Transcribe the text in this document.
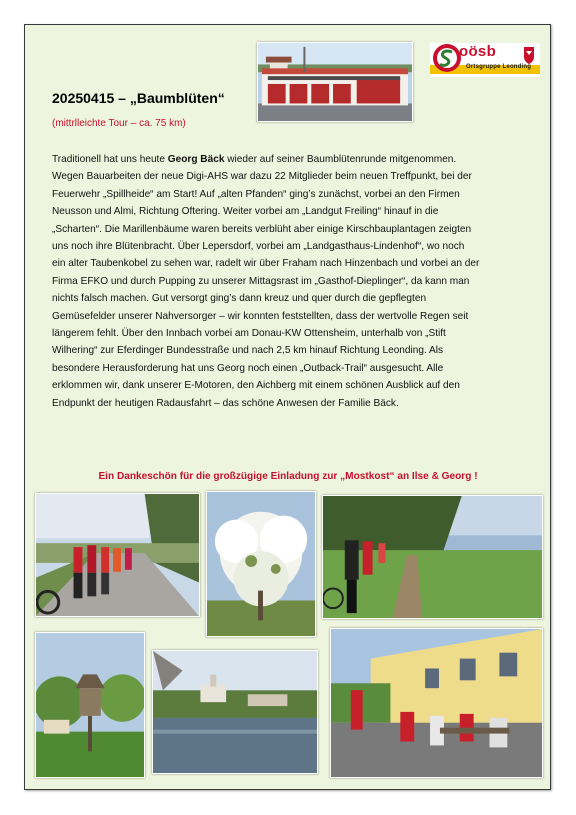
oösb
Ortsgruppe Leonding
20250415 – „Baumblüten“
(mittrlleichte Tour – ca. 75 km)

Traditionell hat uns heute Georg Bäck wieder auf seiner Baumblütenrunde mitgenommen.
Wegen Bauarbeiten der neue Digi-AHS war dazu 22 Mitglieder beim neuen Treffpunkt, bei der
Feuerwehr „Spillheide“ am Start! Auf „alten Pfanden“ ging’s zunächst, vorbei an den Firmen
Neusson und Almi, Richtung Oftering. Weiter vorbei am „Landgut Freiling“ hinauf in die
„Scharten“. Die Marillenbäume waren bereits verblüht aber einige Kirschbauplantagen zeigten
uns noch ihre Blütenbracht. Über Lepersdorf, vorbei am „Landgasthaus-Lindenhof“, wo noch
ein alter Taubenkobel zu sehen war, radelt wir über Fraham nach Hinzenbach und vorbei an der
Firma EFKO und durch Pupping zu unserer Mittagsrast im „Gasthof-Dieplinger“, da kann man
nichts falsch machen. Gut versorgt ging’s dann kreuz und quer durch die gepflegten
Gemüsefelder unserer Nahversorger – wir konnten feststellten, dass der wertvolle Regen seit
längerem fehlt. Über den Innbach vorbei am Donau-KW Ottensheim, unterhalb von „Stift
Wilhering“ zur Eferdinger Bundesstraße und nach 2,5 km hinauf Richtung Leonding. Als
besondere Herausforderung hat uns Georg noch einen „Outback-Trail“ ausgesucht. Alle
erklommen wir, dank unserer E-Motoren, den Aichberg mit einem schönen Ausblick auf den
Endpunkt der heutigen Radausfahrt – das schöne Anwesen der Familie Bäck.

Ein Dankeschön für die großzügige Einladung zur „Mostkost“ an Ilse & Georg !
